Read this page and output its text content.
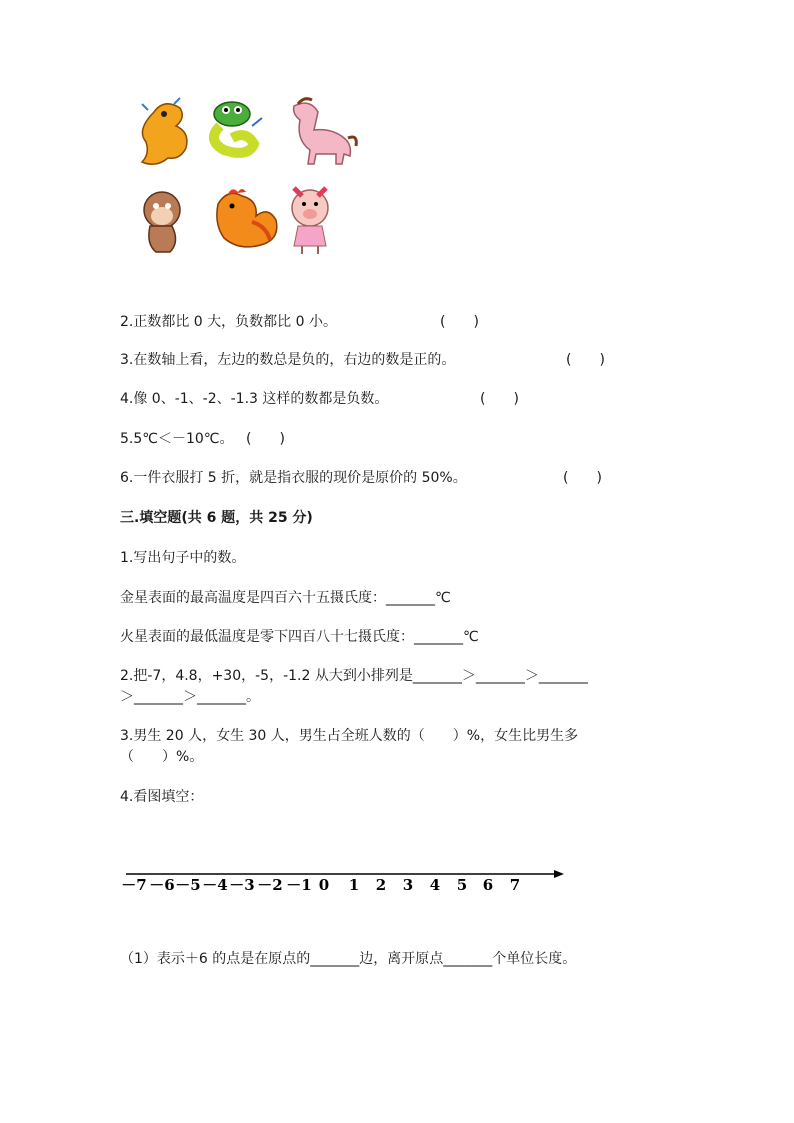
2.正数都比 0 大，负数都比 0 小。	(　　)
3.在数轴上看，左边的数总是负的，右边的数是正的。	(　　)
4.像 0、-1、-2、-1.3 这样的数都是负数。	(　　)
5.5℃＜－10℃。 (　　)
6.一件衣服打 5 折，就是指衣服的现价是原价的 50%。	(　　)
三.填空题(共 6 题，共 25 分)
1.写出句子中的数。
金星表面的最高温度是四百六十五摄氏度：_______℃
火星表面的最低温度是零下四百八十七摄氏度：_______℃
2.把-7，4.8，+30，-5，-1.2 从大到小排列是_______＞_______＞_______
＞_______＞_______。
3.男生 20 人，女生 30 人，男生占全班人数的（　　）%，女生比男生多
（　　）%。
4.看图填空：
－7 －6 －5 －4 －3 －2 －1 0 1 2 3 4 5 6 7
（1）表示＋6 的点是在原点的_______边，离开原点_______个单位长度。
